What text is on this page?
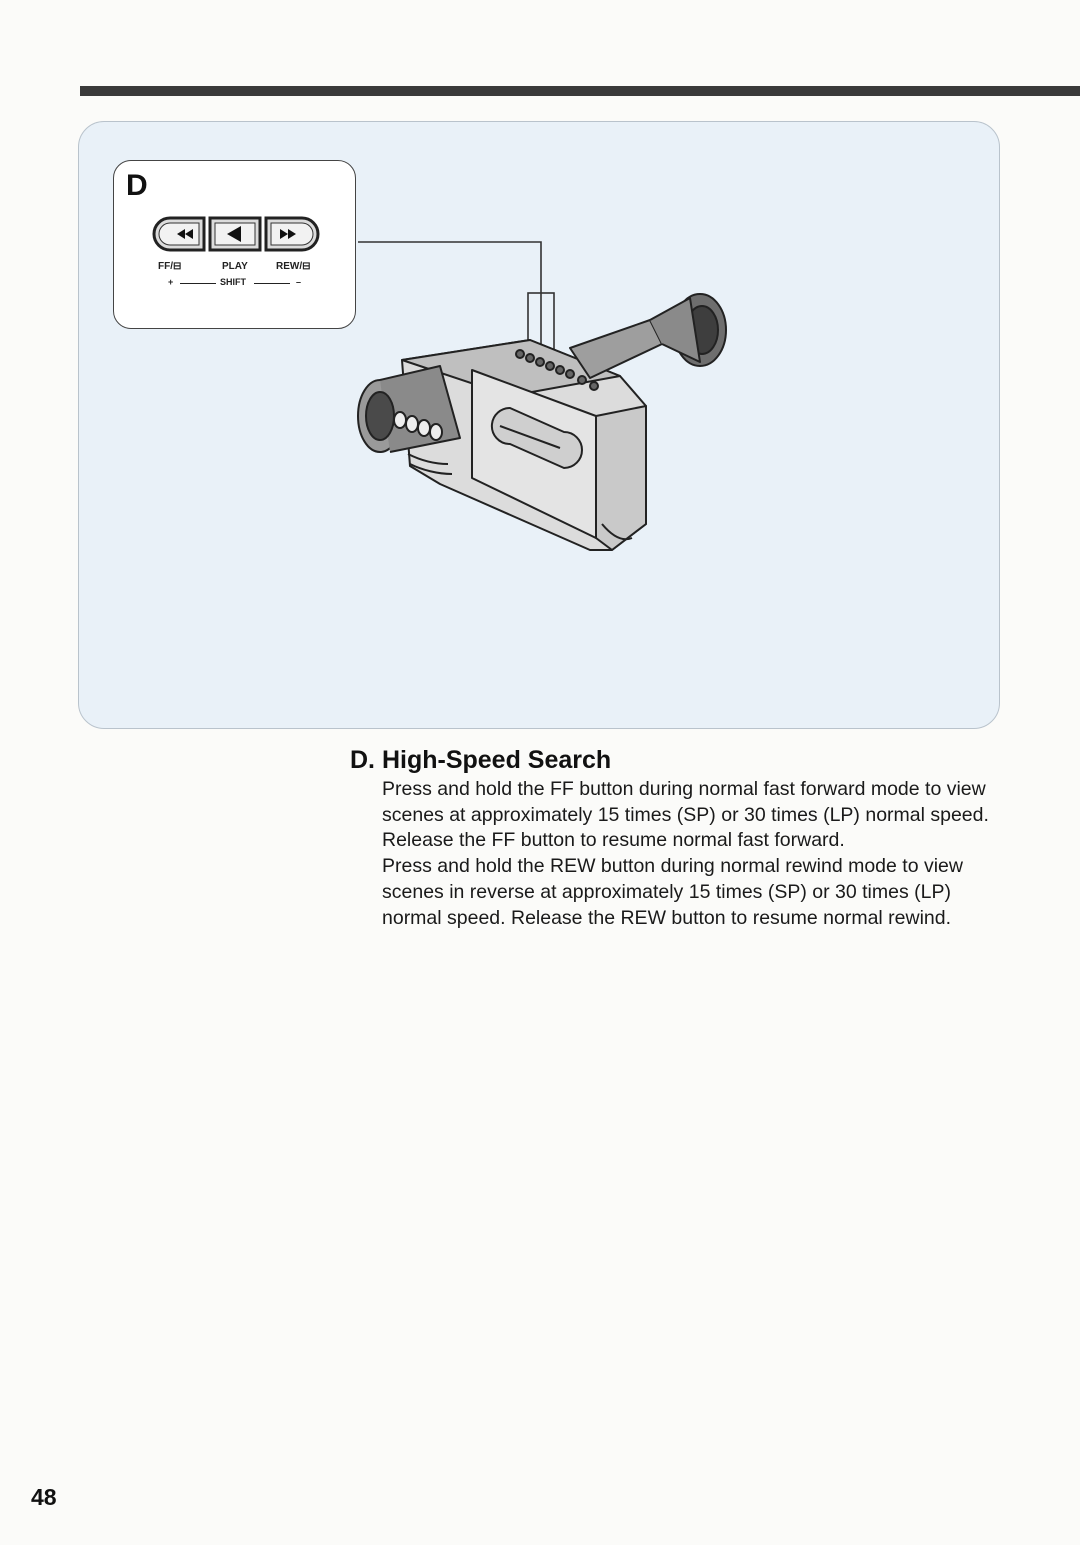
D
FF/⊟	PLAY	REW/⊟
+	SHIFT	–
D. High-Speed Search

Press and hold the FF button during normal fast forward mode to view scenes at approximately 15 times (SP) or 30 times (LP) normal speed. Release the FF button to resume normal fast forward.

Press and hold the REW button during normal rewind mode to view scenes in reverse at approximately 15 times (SP) or 30 times (LP) normal speed. Release the REW button to resume normal rewind.

48
